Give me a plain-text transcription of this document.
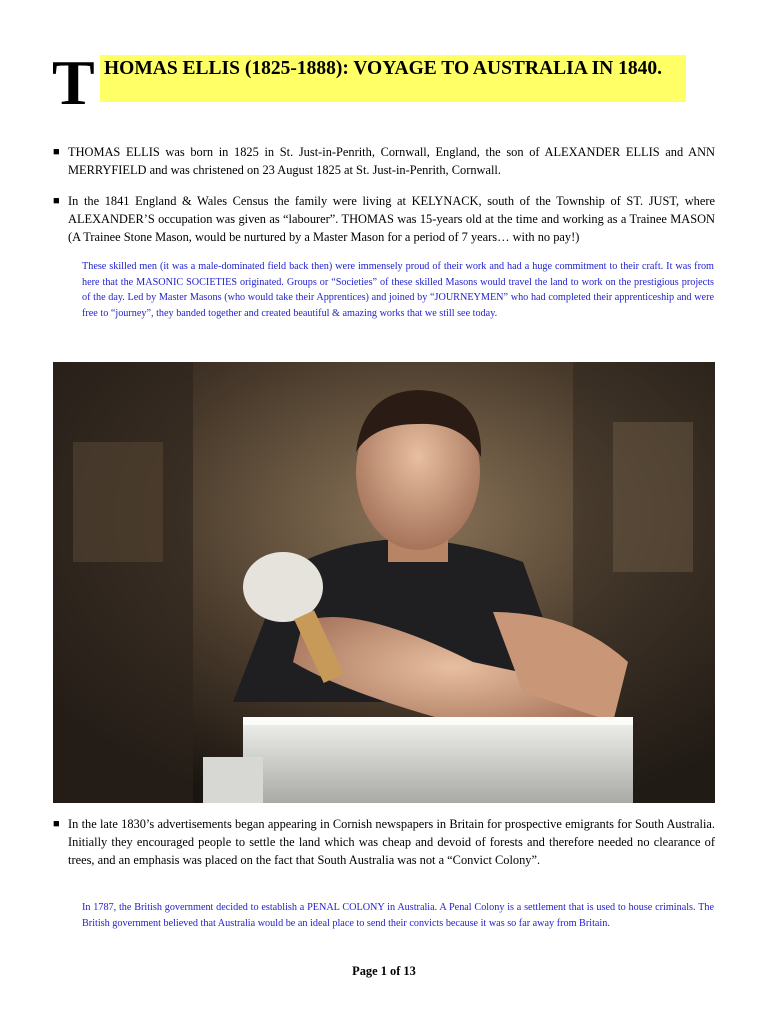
HOMAS ELLIS (1825-1888): VOYAGE TO AUSTRALIA IN 1840.
T
■ THOMAS ELLIS was born in 1825 in St. Just-in-Penrith, Cornwall, England, the son of ALEXANDER ELLIS and ANN MERRYFIELD and was christened on 23 August 1825 at St. Just-in-Penrith, Cornwall.
■ In the 1841 England & Wales Census the family were living at KELYNACK, south of the Township of ST. JUST, where ALEXANDER’S occupation was given as “labourer”. THOMAS was 15-years old at the time and working as a Trainee MASON (A Trainee Stone Mason, would be nurtured by a Master Mason for a period of 7 years… with no pay!)
These skilled men (it was a male-dominated field back then) were immensely proud of their work and had a huge commitment to their craft. It was from here that the MASONIC SOCIETIES originated. Groups or “Societies” of these skilled Masons would travel the land to work on the prestigious projects of the day. Led by Master Masons (who would take their Apprentices) and joined by “JOURNEYMEN” who had completed their apprenticeship and were free to “journey”, they banded together and created beautiful & amazing works that we still see today.
■ In the late 1830’s advertisements began appearing in Cornish newspapers in Britain for prospective emigrants for South Australia. Initially they encouraged people to settle the land which was cheap and devoid of forests and therefore needed no clearance of trees, and an emphasis was placed on the fact that South Australia was not a “Convict Colony”.
In 1787, the British government decided to establish a PENAL COLONY in Australia. A Penal Colony is a settlement that is used to house criminals. The British government believed that Australia would be an ideal place to send their convicts because it was so far away from Britain.
Page 1 of 13
